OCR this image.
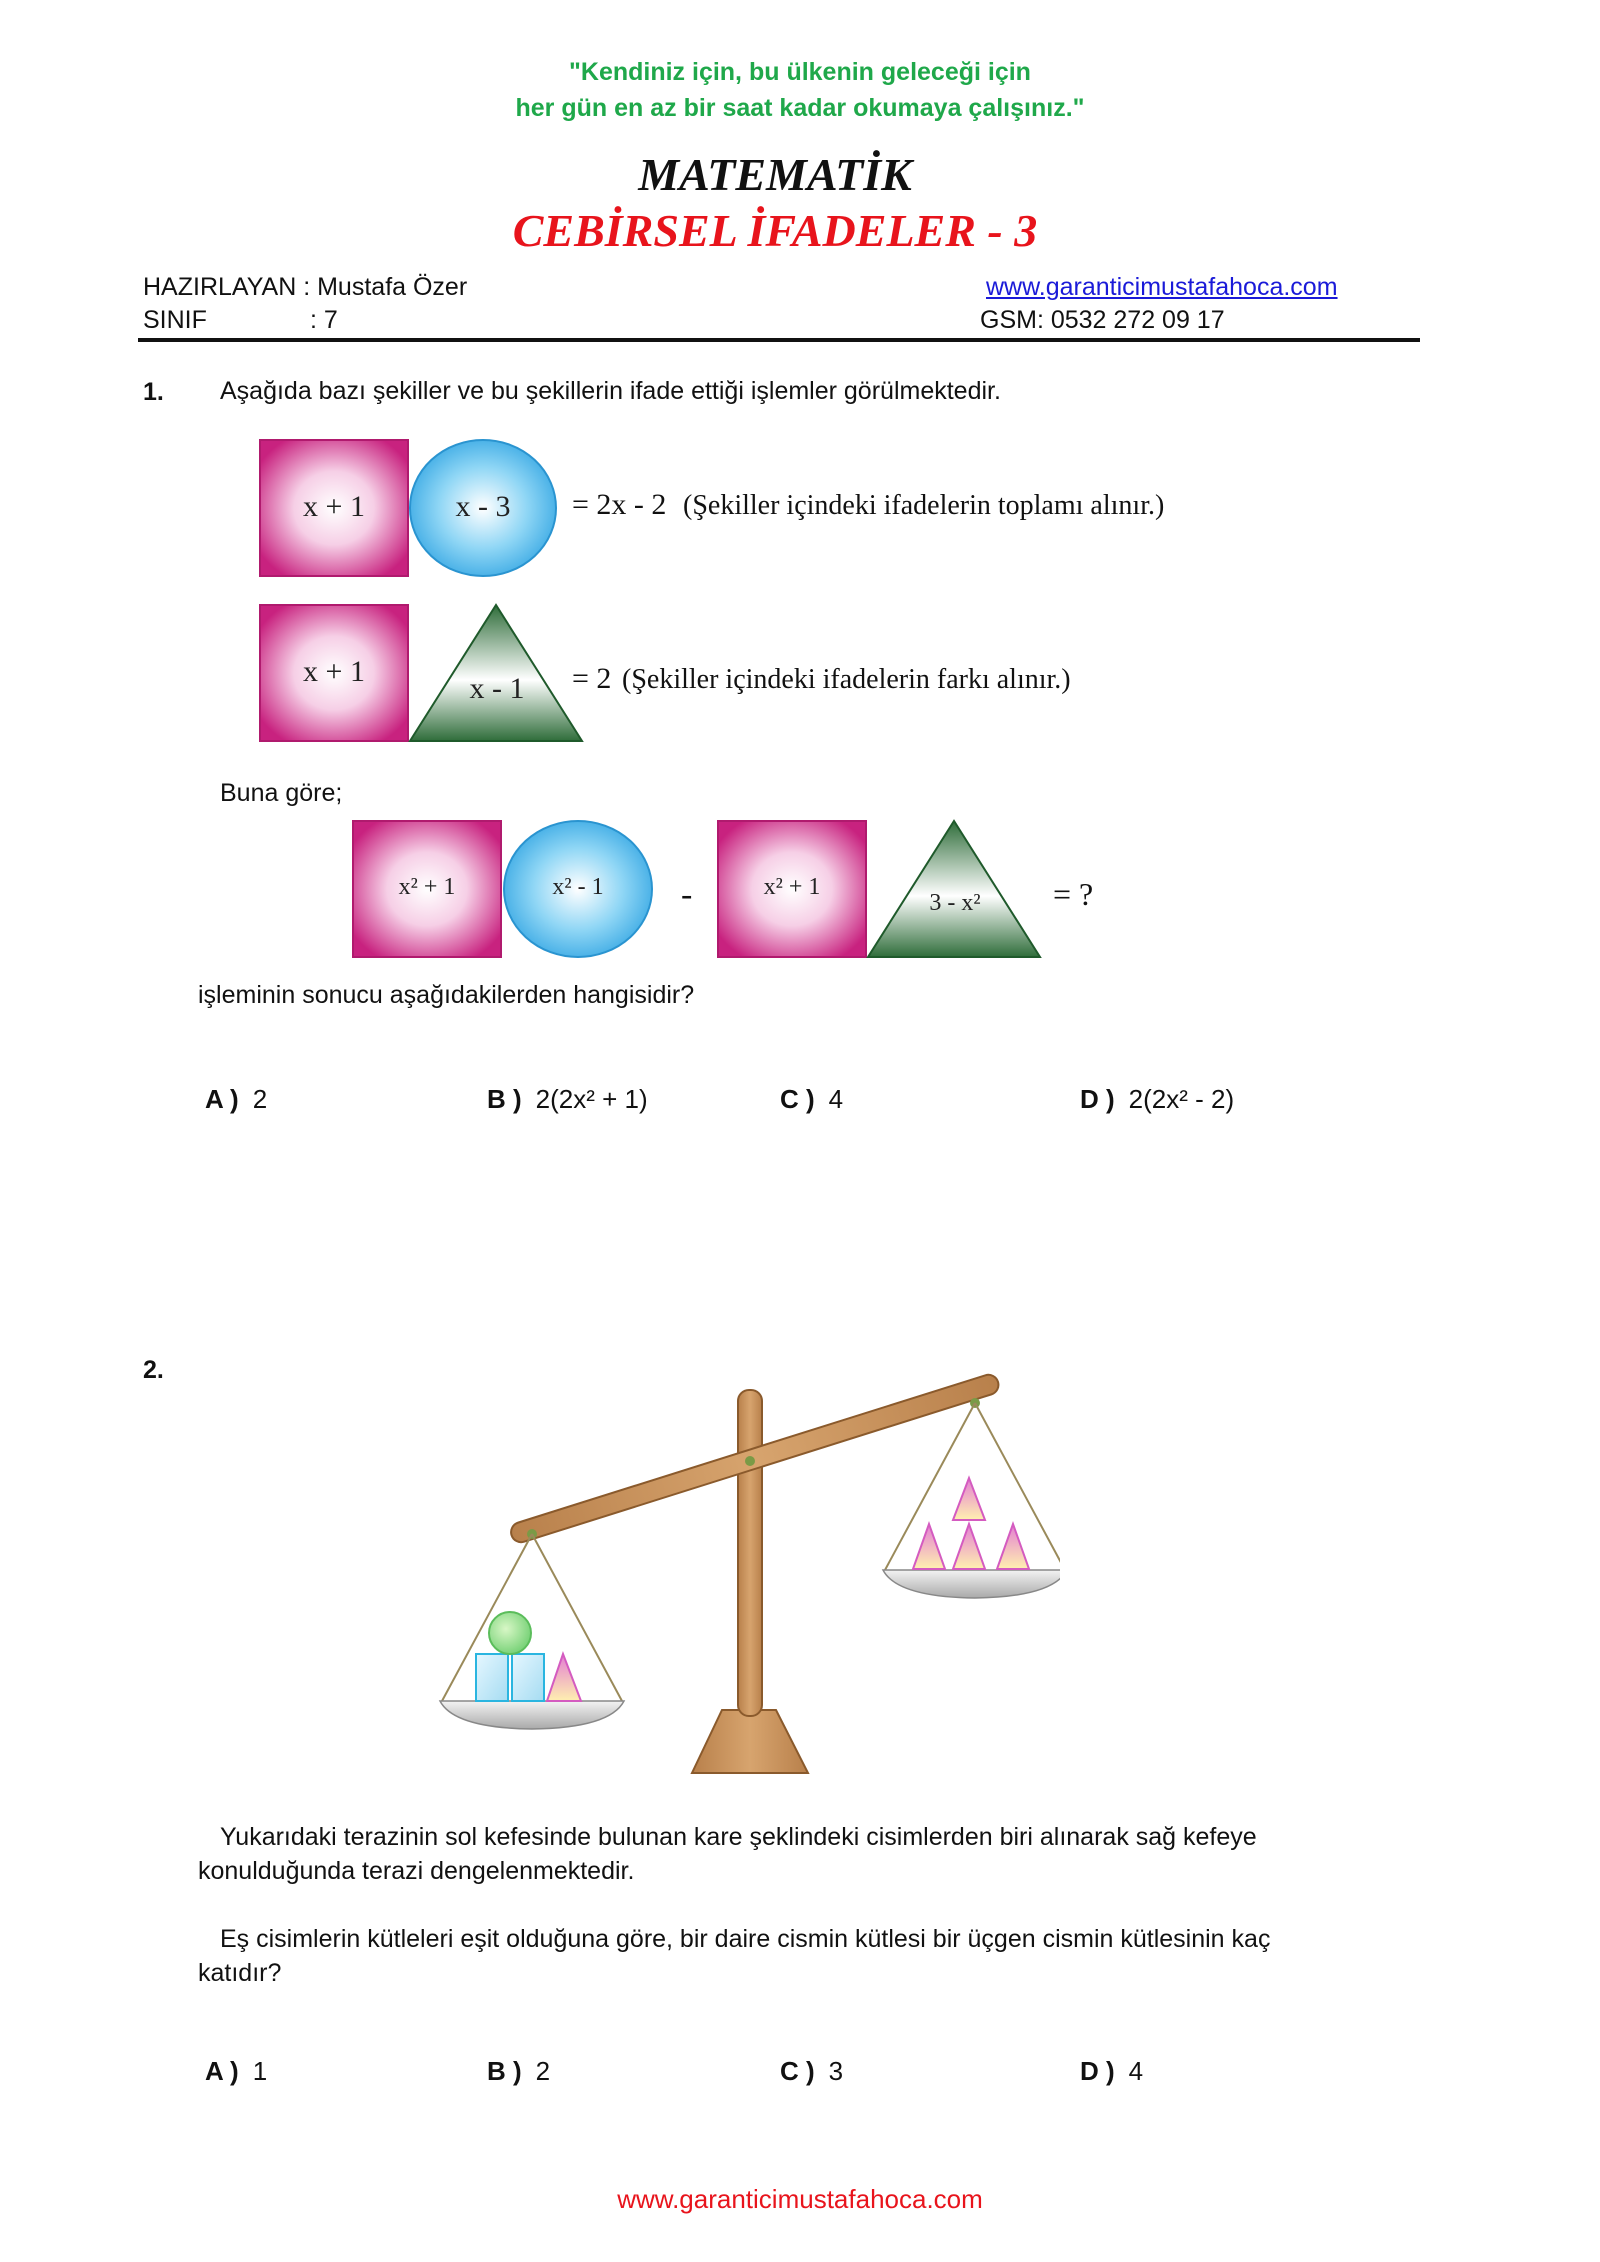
"Kendiniz için, bu ülkenin geleceği için
her gün en az bir saat kadar okumaya çalışınız."
MATEMATİK
CEBİRSEL İFADELER - 3
HAZIRLAYAN : Mustafa Özer
SINIF	: 7
www.garanticimustafahoca.com
GSM: 0532 272 09 17
1. Aşağıda bazı şekiller ve bu şekillerin ifade ettiği işlemler görülmektedir.
x + 1	x - 3	= 2x - 2 (Şekiller içindeki ifadelerin toplamı alınır.)
x + 1
x - 1	= 2 (Şekiller içindeki ifadelerin farkı alınır.)
Buna göre;
x² + 1	x² - 1	-	x² + 1
3 - x²	= ?
işleminin sonucu aşağıdakilerden hangisidir?
A ) 2	B ) 2(2x² + 1)	C ) 4	D ) 2(2x² - 2)
2.
Yukarıdaki terazinin sol kefesinde bulunan kare şeklindeki cisimlerden biri alınarak sağ kefeye
konulduğunda terazi dengelenmektedir.
Eş cisimlerin kütleleri eşit olduğuna göre, bir daire cismin kütlesi bir üçgen cismin kütlesinin kaç
katıdır?
A ) 1	B ) 2	C ) 3	D ) 4
www.garanticimustafahoca.com
